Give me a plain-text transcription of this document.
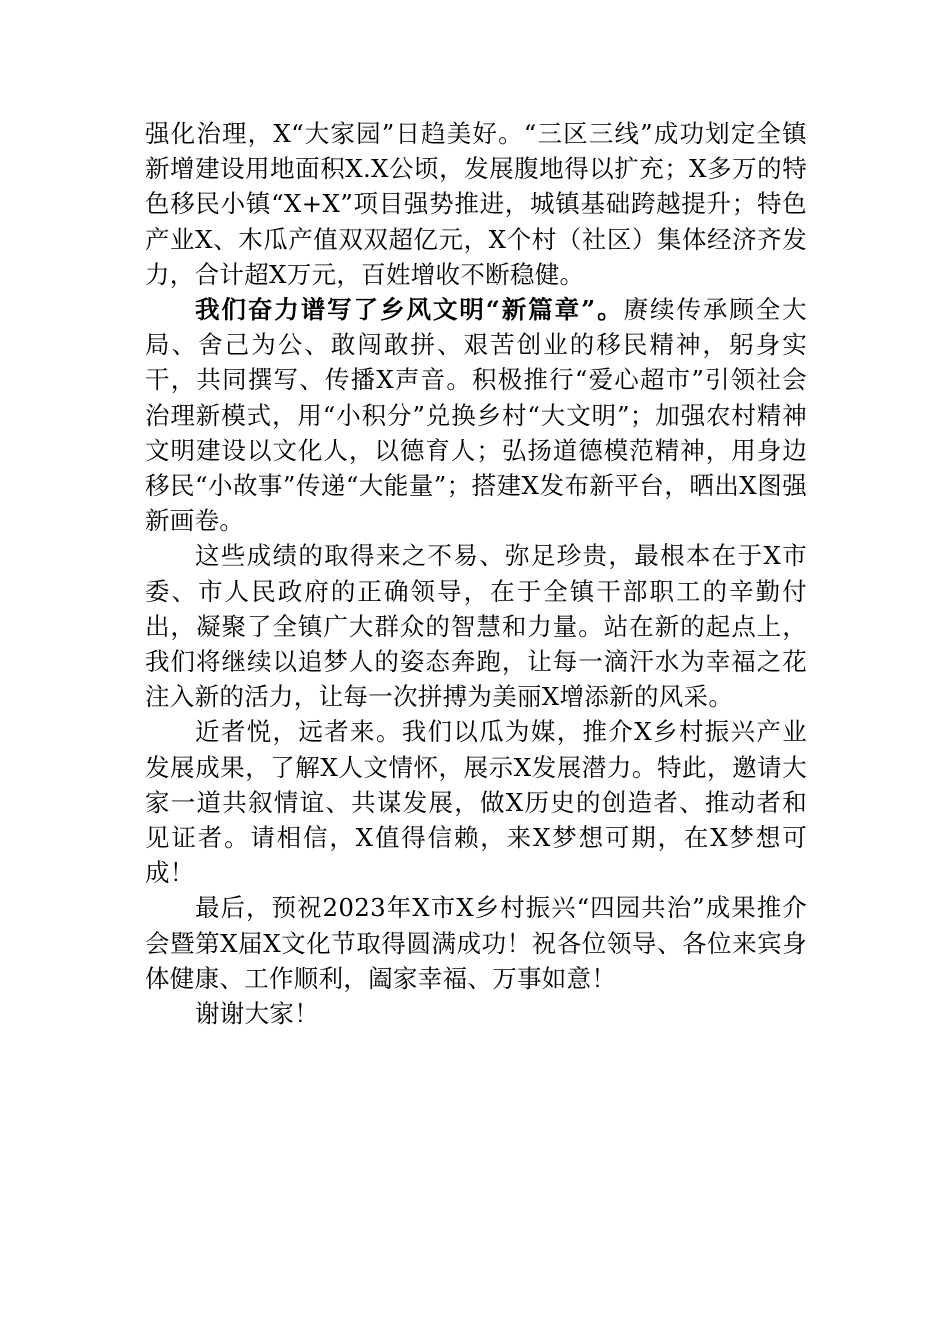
强化治理，X“大家园”日趋美好。“三区三线”成功划定全镇新增建设用地面积X.X公顷，发展腹地得以扩充；X多万的特色移民小镇“X+X”项目强势推进，城镇基础跨越提升；特色产业X、木瓜产值双双超亿元，X个村（社区）集体经济齐发力，合计超X万元，百姓增收不断稳健。

我们奋力谱写了乡风文明“新篇章”。赓续传承顾全大局、舍己为公、敢闯敢拼、艰苦创业的移民精神，躬身实干，共同撰写、传播X声音。积极推行“爱心超市”引领社会治理新模式，用“小积分”兑换乡村“大文明”；加强农村精神文明建设以文化人，以德育人；弘扬道德模范精神，用身边移民“小故事”传递“大能量”；搭建X发布新平台，晒出X图强新画卷。

这些成绩的取得来之不易、弥足珍贵，最根本在于X市委、市人民政府的正确领导，在于全镇干部职工的辛勤付出，凝聚了全镇广大群众的智慧和力量。站在新的起点上，我们将继续以追梦人的姿态奔跑，让每一滴汗水为幸福之花注入新的活力，让每一次拼搏为美丽X增添新的风采。

近者悦，远者来。我们以瓜为媒，推介X乡村振兴产业发展成果，了解X人文情怀，展示X发展潜力。特此，邀请大家一道共叙情谊、共谋发展，做X历史的创造者、推动者和见证者。请相信，X值得信赖，来X梦想可期，在X梦想可成！

最后，预祝2023年X市X乡村振兴“四园共治”成果推介会暨第X届X文化节取得圆满成功！祝各位领导、各位来宾身体健康、工作顺利，阖家幸福、万事如意！

谢谢大家！
